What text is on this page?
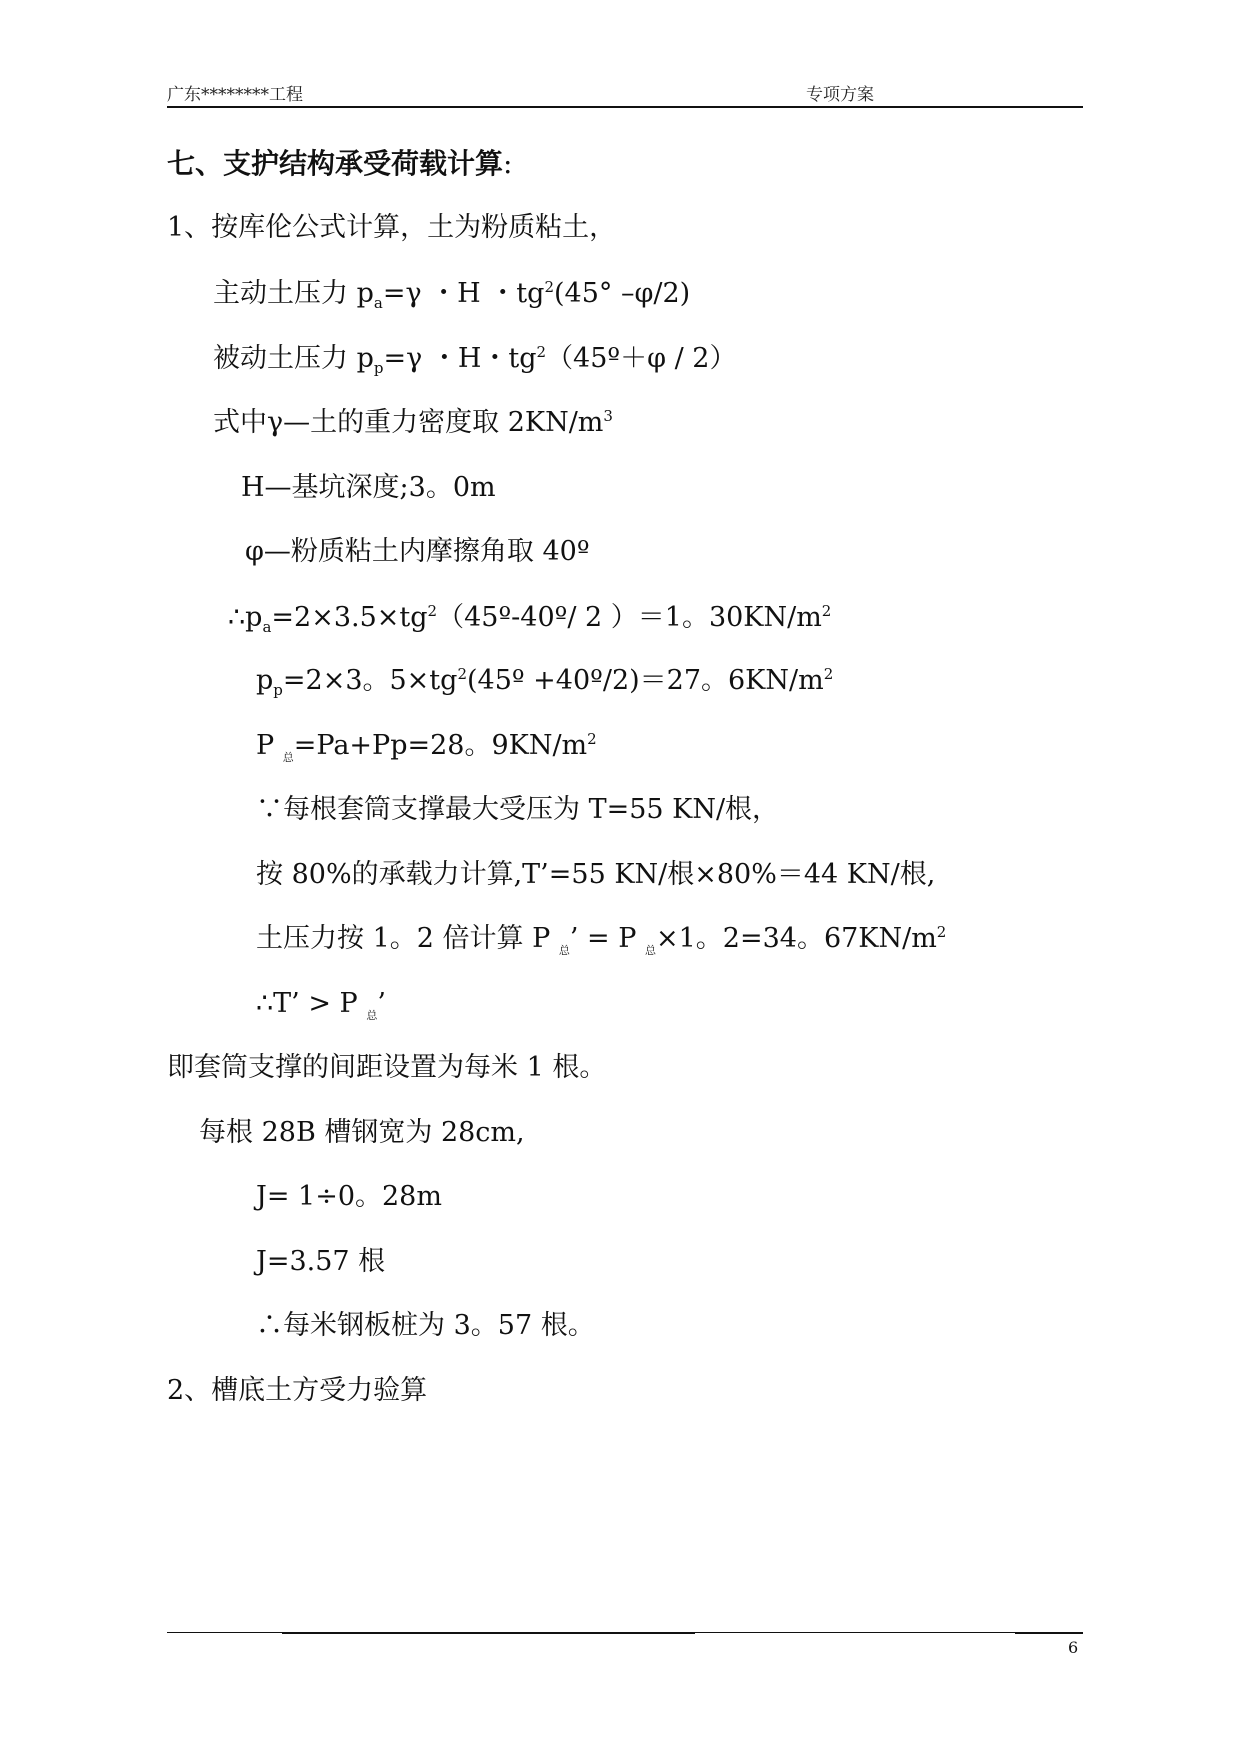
广东********工程	专项方案
七、支护结构承受荷载计算:
1、按库伦公式计算，土为粉质粘土，
主动土压力 $p_a=\gamma$ ・H ・$tg^2(45^\circ$ –φ/2)
被动土压力 $p_p=\gamma$ ・H・$tg^2(45º+\varphi / 2)$
式中γ—土的重力密度取 $2KN/m^3$
H—基坑深度;3。0m
φ—粉质粘土内摩擦角取 40º
$\therefore p_a=2\times 3.5\times tg^2(45º-40º/$ 2 ）＝1。$30KN/m^2$
$p_p=2\times 3$。$5\times tg^2(45º$ +40º/2)＝27。$6KN/m^2$
P $_总$=Pa+Pp=28。$9KN/m^2$
∵每根套筒支撑最大受压为 T=55 KN/根，
按 80%的承载力计算,T’=55 KN/根×80%＝44 KN/根,
土压力按 1。2 倍计算 P $_总$’ = P $_总$×1。2=34。$67KN/m^2$
∴T’ > P $_总$’
即套筒支撑的间距设置为每米 1 根。
每根 28B 槽钢宽为 28cm,
J= 1÷0。28m
J=3.57 根
∴每米钢板桩为 3。57 根。
2、槽底土方受力验算
6
